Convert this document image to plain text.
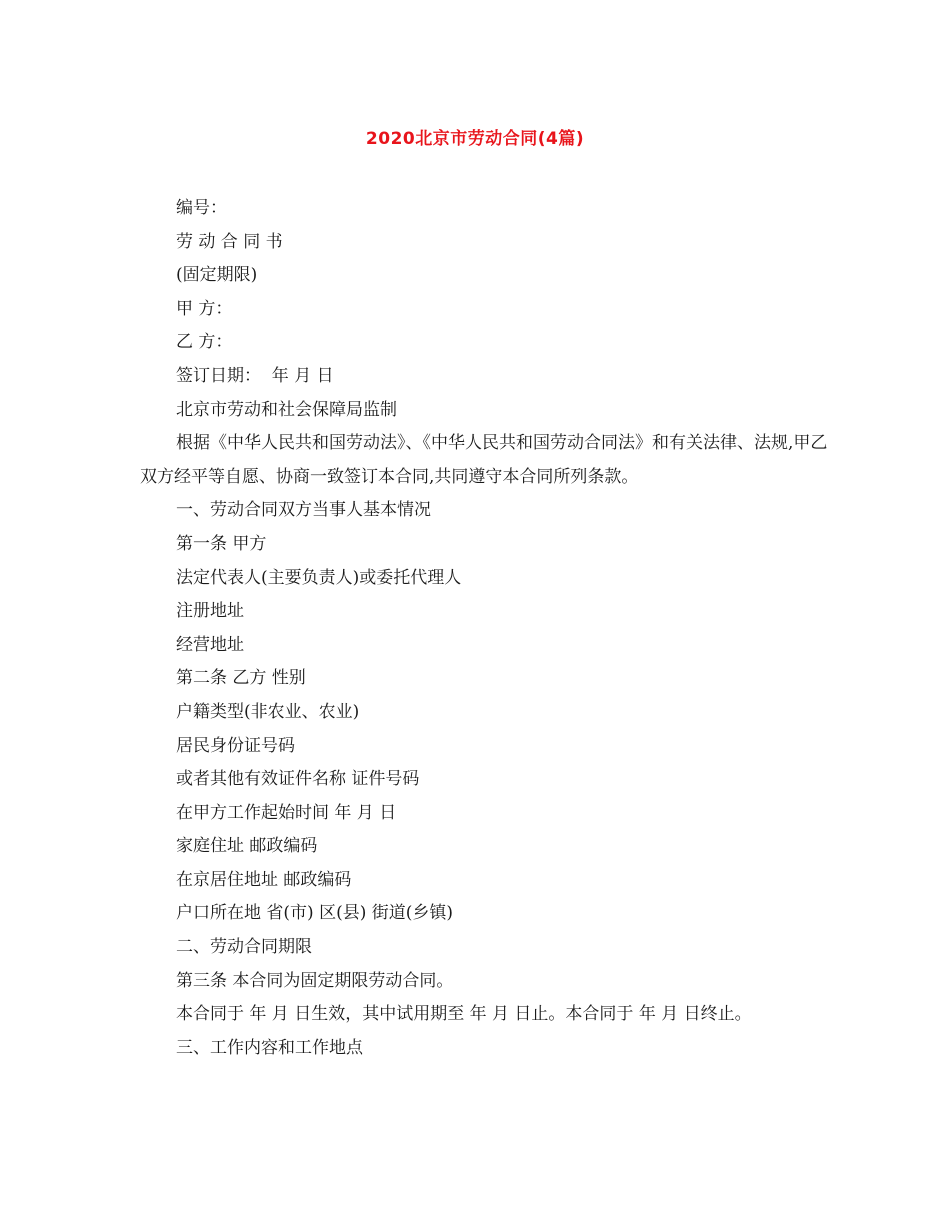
2020北京市劳动合同(4篇)

编号：

劳 动 合 同 书

(固定期限)

甲 方：

乙 方：

签订日期：  年 月 日

北京市劳动和社会保障局监制

根据《中华人民共和国劳动法》、《中华人民共和国劳动合同法》和有关法律、法规,甲乙双方经平等自愿、协商一致签订本合同,共同遵守本合同所列条款。

一、劳动合同双方当事人基本情况

第一条 甲方

法定代表人(主要负责人)或委托代理人

注册地址

经营地址

第二条 乙方 性别

户籍类型(非农业、农业)

居民身份证号码

或者其他有效证件名称 证件号码

在甲方工作起始时间 年 月 日

家庭住址 邮政编码

在京居住地址 邮政编码

户口所在地 省(市) 区(县) 街道(乡镇)

二、劳动合同期限

第三条 本合同为固定期限劳动合同。

本合同于 年 月 日生效，其中试用期至 年 月 日止。本合同于 年 月 日终止。

三、工作内容和工作地点
